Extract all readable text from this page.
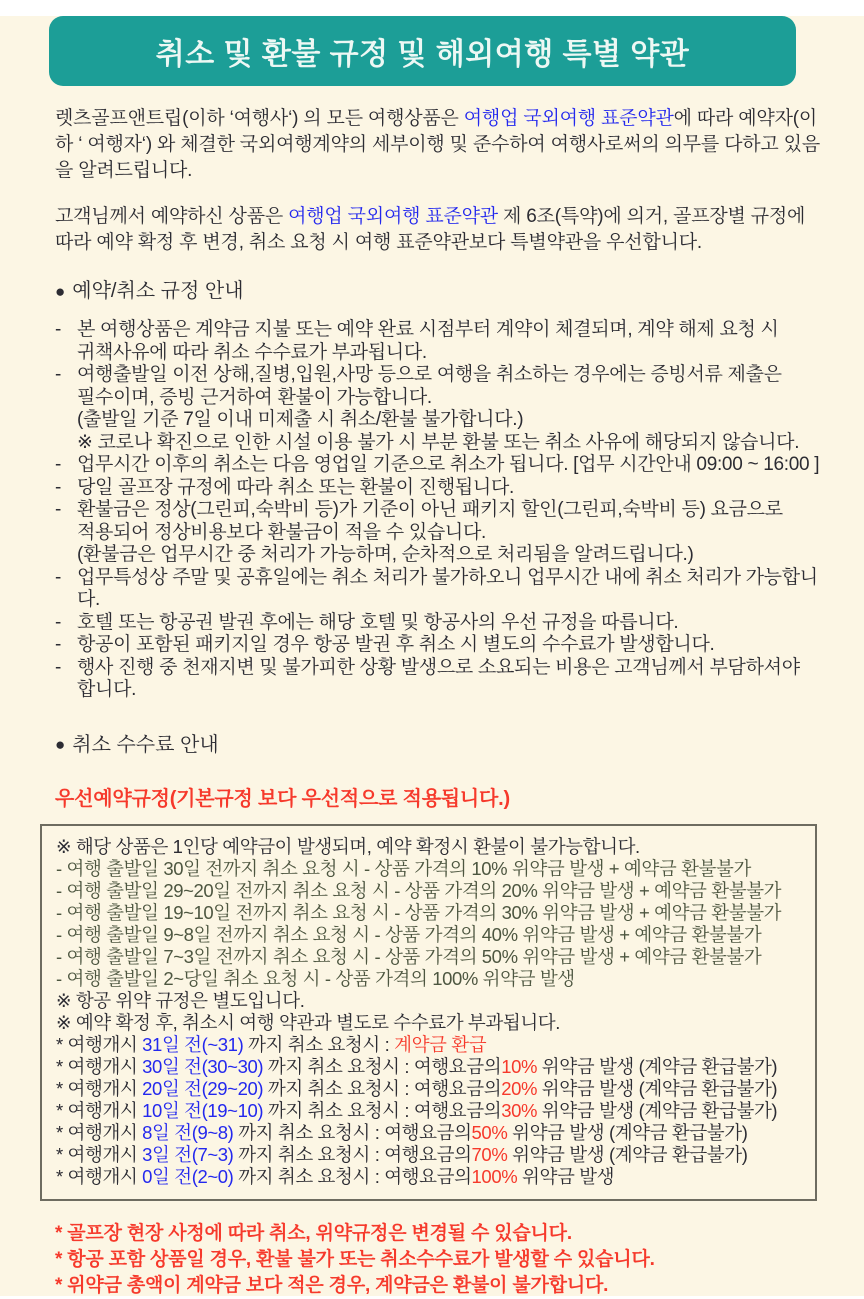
취소 및 환불 규정 및 해외여행 특별 약관
렛츠골프앤트립(이하 ‘여행사‘) 의 모든 여행상품은 여행업 국외여행 표준약관에 따라 예약자(이하 ‘ 여행자‘) 와 체결한 국외여행계약의 세부이행 및 준수하여 여행사로써의 의무를 다하고 있음을 알려드립니다.
고객님께서 예약하신 상품은 여행업 국외여행 표준약관 제 6조(특약)에 의거, 골프장별 규정에 따라 예약 확정 후 변경, 취소 요청 시 여행 표준약관보다 특별약관을 우선합니다.
● 예약/취소 규정 안내
- 본 여행상품은 계약금 지불 또는 예약 완료 시점부터 계약이 체결되며, 계약 해제 요청 시
귀책사유에 따라 취소 수수료가 부과됩니다.
- 여행출발일 이전 상해,질병,입원,사망 등으로 여행을 취소하는 경우에는 증빙서류 제출은
필수이며, 증빙 근거하여 환불이 가능합니다.
(출발일 기준 7일 이내 미제출 시 취소/환불 불가합니다.)
※ 코로나 확진으로 인한 시설 이용 불가 시 부분 환불 또는 취소 사유에 해당되지 않습니다.
- 업무시간 이후의 취소는 다음 영업일 기준으로 취소가 됩니다. [업무 시간안내 09:00 ~ 16:00 ]
- 당일 골프장 규정에 따라 취소 또는 환불이 진행됩니다.
- 환불금은 정상(그린피,숙박비 등)가 기준이 아닌 패키지 할인(그린피,숙박비 등) 요금으로
적용되어 정상비용보다 환불금이 적을 수 있습니다.
(환불금은 업무시간 중 처리가 가능하며, 순차적으로 처리됨을 알려드립니다.)
- 업무특성상 주말 및 공휴일에는 취소 처리가 불가하오니 업무시간 내에 취소 처리가 가능합니다.
- 호텔 또는 항공권 발권 후에는 해당 호텔 및 항공사의 우선 규정을 따릅니다.
- 항공이 포함된 패키지일 경우 항공 발권 후 취소 시 별도의 수수료가 발생합니다.
- 행사 진행 중 천재지변 및 불가피한 상황 발생으로 소요되는 비용은 고객님께서 부담하셔야
합니다.
● 취소 수수료 안내
우선예약규정(기본규정 보다 우선적으로 적용됩니다.)
※ 해당 상품은 1인당 예약금이 발생되며, 예약 확정시 환불이 불가능합니다.
- 여행 출발일 30일 전까지 취소 요청 시 - 상품 가격의 10% 위약금 발생 + 예약금 환불불가
- 여행 출발일 29~20일 전까지 취소 요청 시 - 상품 가격의 20% 위약금 발생 + 예약금 환불불가
- 여행 출발일 19~10일 전까지 취소 요청 시 - 상품 가격의 30% 위약금 발생 + 예약금 환불불가
- 여행 출발일 9~8일 전까지 취소 요청 시 - 상품 가격의 40% 위약금 발생 + 예약금 환불불가
- 여행 출발일 7~3일 전까지 취소 요청 시 - 상품 가격의 50% 위약금 발생 + 예약금 환불불가
- 여행 출발일 2~당일 취소 요청 시 - 상품 가격의 100% 위약금 발생
※ 항공 위약 규정은 별도입니다.
※ 예약 확정 후, 취소시 여행 약관과 별도로 수수료가 부과됩니다.
* 여행개시 31일 전(~31) 까지 취소 요청시 : 계약금 환급
* 여행개시 30일 전(30~30) 까지 취소 요청시 : 여행요금의10% 위약금 발생 (계약금 환급불가)
* 여행개시 20일 전(29~20) 까지 취소 요청시 : 여행요금의20% 위약금 발생 (계약금 환급불가)
* 여행개시 10일 전(19~10) 까지 취소 요청시 : 여행요금의30% 위약금 발생 (계약금 환급불가)
* 여행개시 8일 전(9~8) 까지 취소 요청시 : 여행요금의50% 위약금 발생 (계약금 환급불가)
* 여행개시 3일 전(7~3) 까지 취소 요청시 : 여행요금의70% 위약금 발생 (계약금 환급불가)
* 여행개시 0일 전(2~0) 까지 취소 요청시 : 여행요금의100% 위약금 발생
* 골프장 현장 사정에 따라 취소, 위약규정은 변경될 수 있습니다.
* 항공 포함 상품일 경우, 환불 불가 또는 취소수수료가 발생할 수 있습니다.
* 위약금 총액이 계약금 보다 적은 경우, 계약금은 환불이 불가합니다.
